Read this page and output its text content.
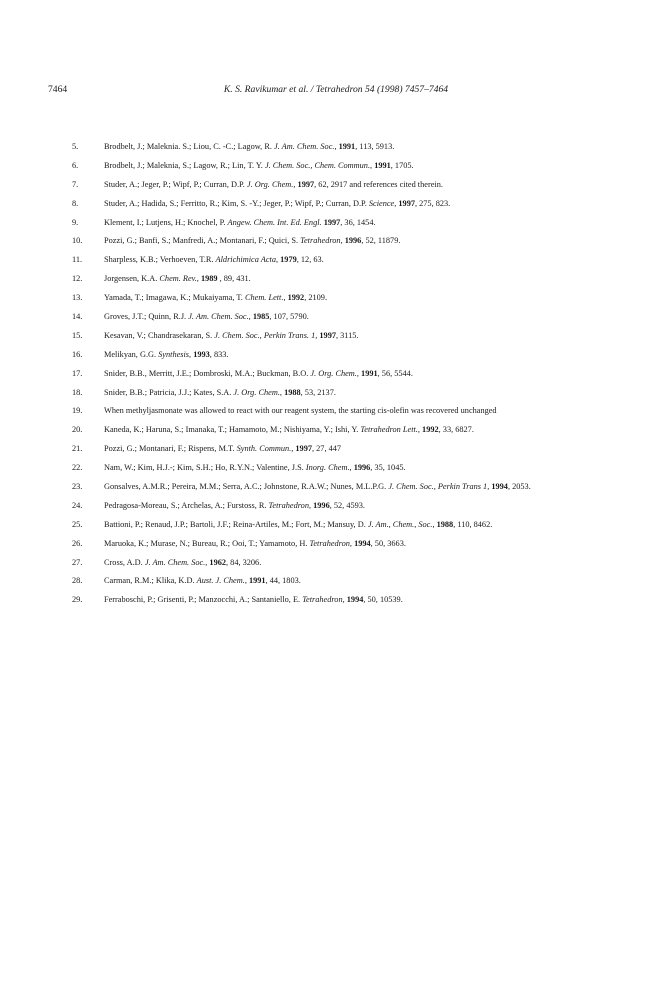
7464	K. S. Ravikumar et al. / Tetrahedron 54 (1998) 7457–7464
5.	Brodbelt, J.; Maleknia. S.; Liou, C. -C.; Lagow, R. J. Am. Chem. Soc., 1991, 113, 5913.
6.	Brodbelt, J.; Maleknia, S.; Lagow, R.; Lin, T. Y. J. Chem. Soc., Chem. Commun., 1991, 1705.
7.	Studer, A.; Jeger, P.; Wipf, P.; Curran, D.P. J. Org. Chem., 1997, 62, 2917 and references cited therein.
8.	Studer, A.; Hadida, S.; Ferritto, R.; Kim, S. -Y.; Jeger, P.; Wipf, P.; Curran, D.P. Science, 1997, 275, 823.
9.	Klement, I.; Lutjens, H.; Knochel, P. Angew. Chem. Int. Ed. Engl. 1997, 36, 1454.
10.	Pozzi, G.; Banfi, S.; Manfredi, A.; Montanari, F.; Quici, S. Tetrahedron, 1996, 52, 11879.
11.	Sharpless, K.B.; Verhoeven, T.R. Aldrichimica Acta, 1979, 12, 63.
12.	Jorgensen, K.A. Chem. Rev., 1989 , 89, 431.
13.	Yamada, T.; Imagawa, K.; Mukaiyama, T. Chem. Lett., 1992, 2109.
14.	Groves, J.T.; Quinn, R.J. J. Am. Chem. Soc., 1985, 107, 5790.
15.	Kesavan, V.; Chandrasekaran, S. J. Chem. Soc., Perkin Trans. 1, 1997, 3115.
16.	Melikyan, G.G. Synthesis, 1993, 833.
17.	Snider, B.B., Merritt, J.E.; Dombroski, M.A.; Buckman, B.O. J. Org. Chem., 1991, 56, 5544.
18.	Snider, B.B.; Patricia, J.J.; Kates, S.A. J. Org. Chem., 1988, 53, 2137.
19.	When methyljasmonate was allowed to react with our reagent system, the starting cis-olefin was recovered unchanged
20.	Kaneda, K.; Haruna, S.; Imanaka, T.; Hamamoto, M.; Nishiyama, Y.; Ishi, Y. Tetrahedron Lett., 1992, 33, 6827.
21.	Pozzi, G.; Montanari, F.; Rispens, M.T. Synth. Commun., 1997, 27, 447
22.	Nam, W.; Kim, H.J.-; Kim, S.H.; Ho, R.Y.N.; Valentine, J.S. Inorg. Chem., 1996, 35, 1045.
23.	Gonsalves, A.M.R.; Pereira, M.M.; Serra, A.C.; Johnstone, R.A.W.; Nunes, M.L.P.G. J. Chem. Soc., Perkin Trans 1, 1994, 2053.
24.	Pedragosa-Moreau, S.; Archelas, A.; Furstoss, R. Tetrahedron, 1996, 52, 4593.
25.	Battioni, P.; Renaud, J.P.; Bartoli, J.F.; Reina-Artiles, M.; Fort, M.; Mansuy, D. J. Am., Chem., Soc., 1988, 110, 8462.
26.	Maruoka, K.; Murase, N.; Bureau, R.; Ooi, T.; Yamamoto, H. Tetrahedron, 1994, 50, 3663.
27.	Cross, A.D. J. Am. Chem. Soc., 1962, 84, 3206.
28.	Carman, R.M.; Klika, K.D. Aust. J. Chem., 1991, 44, 1803.
29.	Ferraboschi, P.; Grisenti, P.; Manzocchi, A.; Santaniello, E. Tetrahedron, 1994, 50, 10539.
